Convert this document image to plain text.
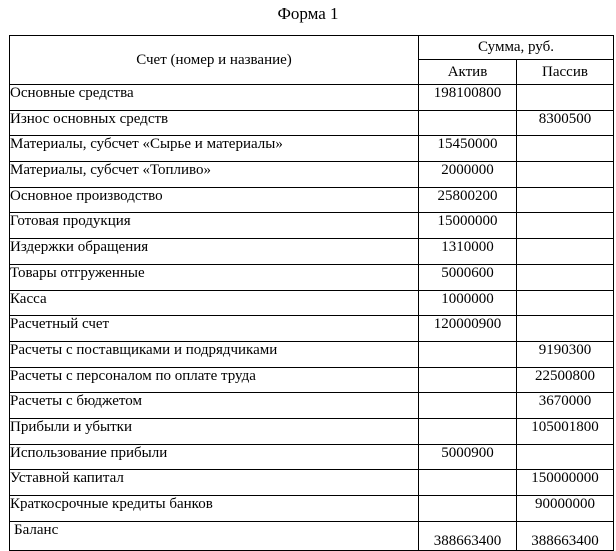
Форма 1
Счет (номер и название)	Сумма, руб.	
	Актив	Пассив
Основные средства	198100800	
Износ основных средств		8300500
Материалы, субсчет «Сырье и материалы»	15450000	
Материалы, субсчет «Топливо»	2000000	
Основное производство	25800200	
Готовая продукция	15000000	
Издержки обращения	1310000	
Товары отгруженные	5000600	
Касса	1000000	
Расчетный счет	120000900	
Расчеты с поставщиками и подрядчиками		9190300
Расчеты с персоналом по оплате труда		22500800
Расчеты с бюджетом		3670000
Прибыли и убытки		105001800
Использование прибыли	5000900	
Уставной капитал		150000000
Краткосрочные кредиты банков		90000000
Баланс	388663400	388663400
